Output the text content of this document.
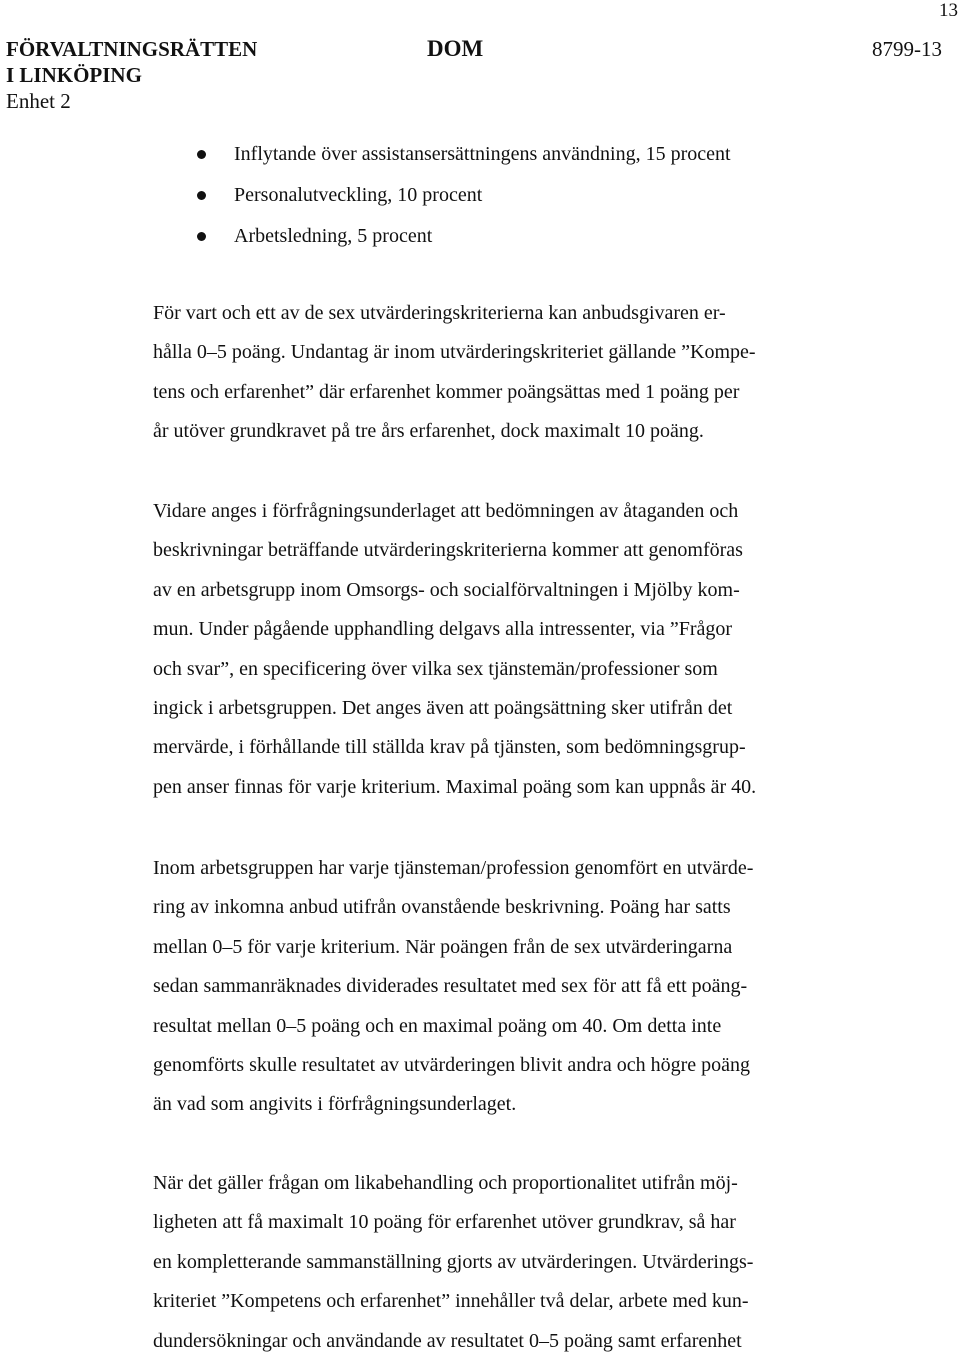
13
FÖRVALTNINGSRÄTTEN
I LINKÖPING
Enhet 2
DOM	8799-13
Inflytande över assistansersättningens användning, 15 procent
Personalutveckling, 10 procent
Arbetsledning, 5 procent

För vart och ett av de sex utvärderingskriterierna kan anbudsgivaren er-
hålla 0–5 poäng. Undantag är inom utvärderingskriteriet gällande ”Kompe-
tens och erfarenhet” där erfarenhet kommer poängsättas med 1 poäng per
år utöver grundkravet på tre års erfarenhet, dock maximalt 10 poäng.

Vidare anges i förfrågningsunderlaget att bedömningen av åtaganden och
beskrivningar beträffande utvärderingskriterierna kommer att genomföras
av en arbetsgrupp inom Omsorgs- och socialförvaltningen i Mjölby kom-
mun. Under pågående upphandling delgavs alla intressenter, via ”Frågor
och svar”, en specificering över vilka sex tjänstemän/professioner som
ingick i arbetsgruppen. Det anges även att poängsättning sker utifrån det
mervärde, i förhållande till ställda krav på tjänsten, som bedömningsgrup-
pen anser finnas för varje kriterium. Maximal poäng som kan uppnås är 40.

Inom arbetsgruppen har varje tjänsteman/profession genomfört en utvärde-
ring av inkomna anbud utifrån ovanstående beskrivning. Poäng har satts
mellan 0–5 för varje kriterium. När poängen från de sex utvärderingarna
sedan sammanräknades dividerades resultatet med sex för att få ett poäng-
resultat mellan 0–5 poäng och en maximal poäng om 40. Om detta inte
genomförts skulle resultatet av utvärderingen blivit andra och högre poäng
än vad som angivits i förfrågningsunderlaget.

När det gäller frågan om likabehandling och proportionalitet utifrån möj-
ligheten att få maximalt 10 poäng för erfarenhet utöver grundkrav, så har
en kompletterande sammanställning gjorts av utvärderingen. Utvärderings-
kriteriet ”Kompetens och erfarenhet” innehåller två delar, arbete med kun-
dundersökningar och användande av resultatet 0–5 poäng samt erfarenhet
